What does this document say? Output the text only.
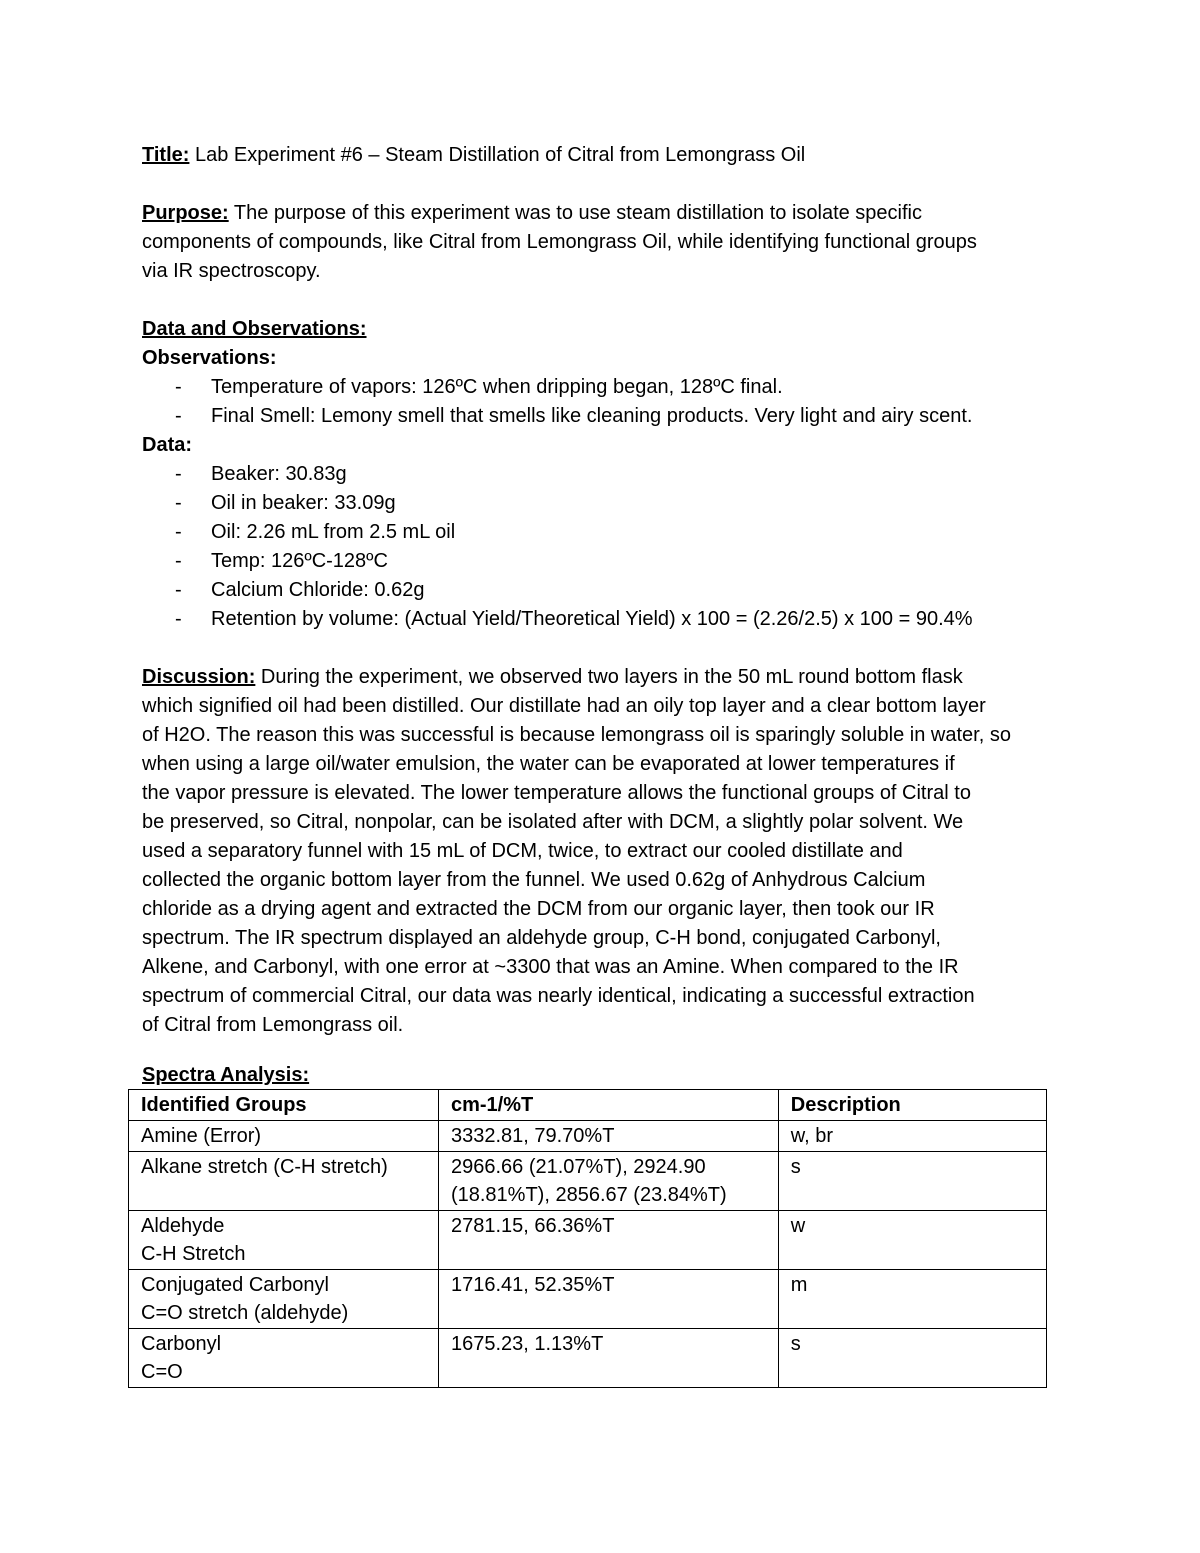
Title: Lab Experiment #6 – Steam Distillation of Citral from Lemongrass Oil

Purpose: The purpose of this experiment was to use steam distillation to isolate specific

components of compounds, like Citral from Lemongrass Oil, while identifying functional groups

via IR spectroscopy.

Data and Observations:

Observations:

- Temperature of vapors: 126ºC when dripping began, 128ºC final.
- Final Smell: Lemony smell that smells like cleaning products. Very light and airy scent.

Data:

- Beaker: 30.83g
- Oil in beaker: 33.09g
- Oil: 2.26 mL from 2.5 mL oil
- Temp: 126ºC-128ºC
- Calcium Chloride: 0.62g
- Retention by volume: (Actual Yield/Theoretical Yield) x 100 = (2.26/2.5) x 100 = 90.4%

Discussion: During the experiment, we observed two layers in the 50 mL round bottom flask

which signified oil had been distilled. Our distillate had an oily top layer and a clear bottom layer

of H2O. The reason this was successful is because lemongrass oil is sparingly soluble in water, so

when using a large oil/water emulsion, the water can be evaporated at lower temperatures if

the vapor pressure is elevated. The lower temperature allows the functional groups of Citral to

be preserved, so Citral, nonpolar, can be isolated after with DCM, a slightly polar solvent. We

used a separatory funnel with 15 mL of DCM, twice, to extract our cooled distillate and

collected the organic bottom layer from the funnel. We used 0.62g of Anhydrous Calcium

chloride as a drying agent and extracted the DCM from our organic layer, then took our IR

spectrum. The IR spectrum displayed an aldehyde group, C-H bond, conjugated Carbonyl,

Alkene, and Carbonyl, with one error at ~3300 that was an Amine. When compared to the IR

spectrum of commercial Citral, our data was nearly identical, indicating a successful extraction

of Citral from Lemongrass oil.

Spectra Analysis:

Identified Groups	cm-1/%T	Description

Amine (Error)	3332.81, 79.70%T	w, br

Alkane stretch (C-H stretch)	2966.66 (21.07%T), 2924.90
(18.81%T), 2856.67 (23.84%T)	s

Aldehyde
C-H Stretch	2781.15, 66.36%T	w

Conjugated Carbonyl
C=O stretch (aldehyde)	1716.41, 52.35%T	m

Carbonyl
C=O	1675.23, 1.13%T	s
